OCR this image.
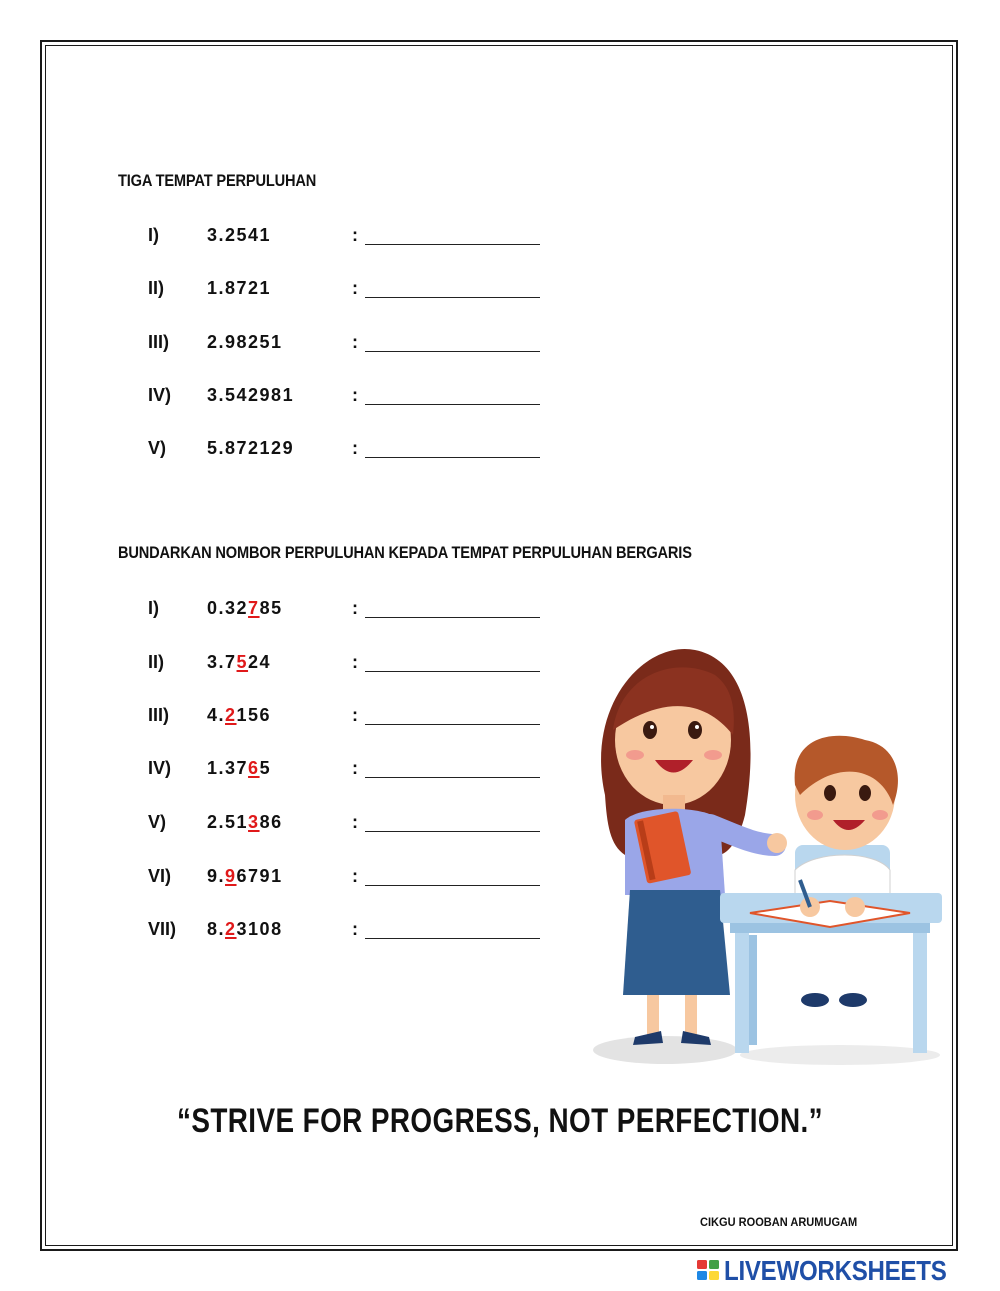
TIGA TEMPAT PERPULUHAN
I)	3.2541	:
II) 1.8721	:
III) 2.98251	:
IV) 3.542981	:
V) 5.872129	:
BUNDARKAN NOMBOR PERPULUHAN KEPADA TEMPAT PERPULUHAN BERGARIS
I)	0.32785	:
II) 3.7524	:
III) 4.2156	:
IV) 1.3765	:
V) 2.51386	:
VI) 9.96791	:
VII) 8.23108	:
“STRIVE FOR PROGRESS, NOT PERFECTION.”
CIKGU ROOBAN ARUMUGAM
LIVEWORKSHEETS
